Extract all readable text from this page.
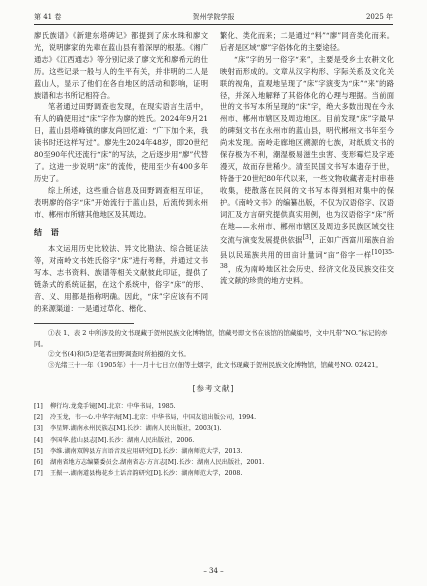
第 41 卷	贺州学院学报	2025 年

廖氏族谱》《新建东塔碑记》都提到了床水珠和廖文光，说明廖家的先辈在蓝山县有着深厚的根基。《湘广通志》《江西通志》等分别记录了廖文光和廖希元的仕历。这些记录一般与人的生平有关，并非明的二人是蓝山人，显示了他们在各自地区的活动和影响，证明族谱和志书所记相符合。

笔者通过田野调查也发现，在现实语言生活中，有人的确使用过“床”字作为廖的姓氏。2024年9月21日，蓝山县塔峰镇的廖友尚回忆道：“广下加个来，我读书时还这样写过”。廖先生2024年48岁，即20世纪80至90年代还流行“床”的写法，之后逐步用“廖”代替了。这进一步说明“床”的流传，使用至少有400多年历史了。

综上所述，这些重合信息及田野调查相互印证，表明廖的俗字“床”开始流行于蓝山县，后流传到永州市、郴州市所辖其他地区及其周边。

结 语

本文运用历史比较法、异文比勘法、综合链证法等，对南岭文书姓氏俗字“床”进行考释，并通过文书写本、志书资料、族谱等相关文献彼此印证，提供了链条式的系统证据，在这个系统中，俗字“床”的形、音、义、用都是指称明确。因此，“床”字应该有不同的来源渠道：一是通过草化、楷化、

繁化、类化而来；二是通过“料”“廖”同音类化而来。后者是区域“廖”字俗体化的主要途径。

“床”字的另一俗字“来”，主要是受乡土农耕文化映射而形成的。文章从汉字构形、字际关系及文化关联的视角，直观地呈现了“床”字演变为“床”“来”的路径，并深入地解释了其俗体化的心理与理据。当前面世的文书写本所呈现的“床”字，绝大多数出现在今永州市、郴州市辖区及周边地区。目前发现“床”字最早的碑刻文书在永州市的蓝山县，明代郴州文书年至今尚未发现。南岭走廊地区溯源的七族，对纸质文书的保存极为不利，潮湿极易滋生虫害、变形霉烂及字迹漫灭，故而存世稀少。清至民国文书写本遗存于世，特备于20世纪80年代以来，一些文物收藏者走村串巷收集，使散落在民间的文书写本得到相对集中的保护。《南岭文书》的编纂出版，不仅为汉语俗字、汉语词汇及方言研究提供真实用例，也为汉语俗字“床”所在地——永州市、郴州市辖区及周边多民族区域交往交流与演变发展提供依据[3]，正如广西富川瑶族自治县以民瑶族共用的田亩计量词“亩”俗字一样$^{[10]35-38}$，成为南岭地区社会历史、经济文化及民族交往交流文献的珍贵的地方史料。

①表 1、表 2 中所涉及的文书现藏于贺州民族文化博物馆，馆藏号即文书在该馆的馆藏编号，文中凡带“NO.”标记的亦同。

②文书(4)和(5)是笔者田野调查时所拍摄的文书。

③光绪三十一年（1905年）十一月十七日立(佃等土烟字，此文书现藏于贺州民族文化博物馆，馆藏号NO. 02421。

[参考文献]
[1]	柳行均.龙龛手镜[M].北京：中华书局，1985.
[2]	冷玉龙，韦一心.中华字海[M].北京：中华书局，中国友谊出版公司，1994.
[3]	李星辉.湖南永州民族志[M].长沙：湖南人民出版社，2003(1).
[4]	李国华.蓝山县志[M].长沙：湖南人民出版社，2006.
[5]	李维.湖南双牌县方言语音及应用研究[D].长沙：湖南师范大学，2013.
[6]	湖南省地方志编纂委员会.湖南省志·方言志[M].长沙：湖南人民出版社，2001.
[7]	王振一.湖南道县梅花乡土话音韵研究[D].长沙：湖南师范大学，2008.
– 34 –
